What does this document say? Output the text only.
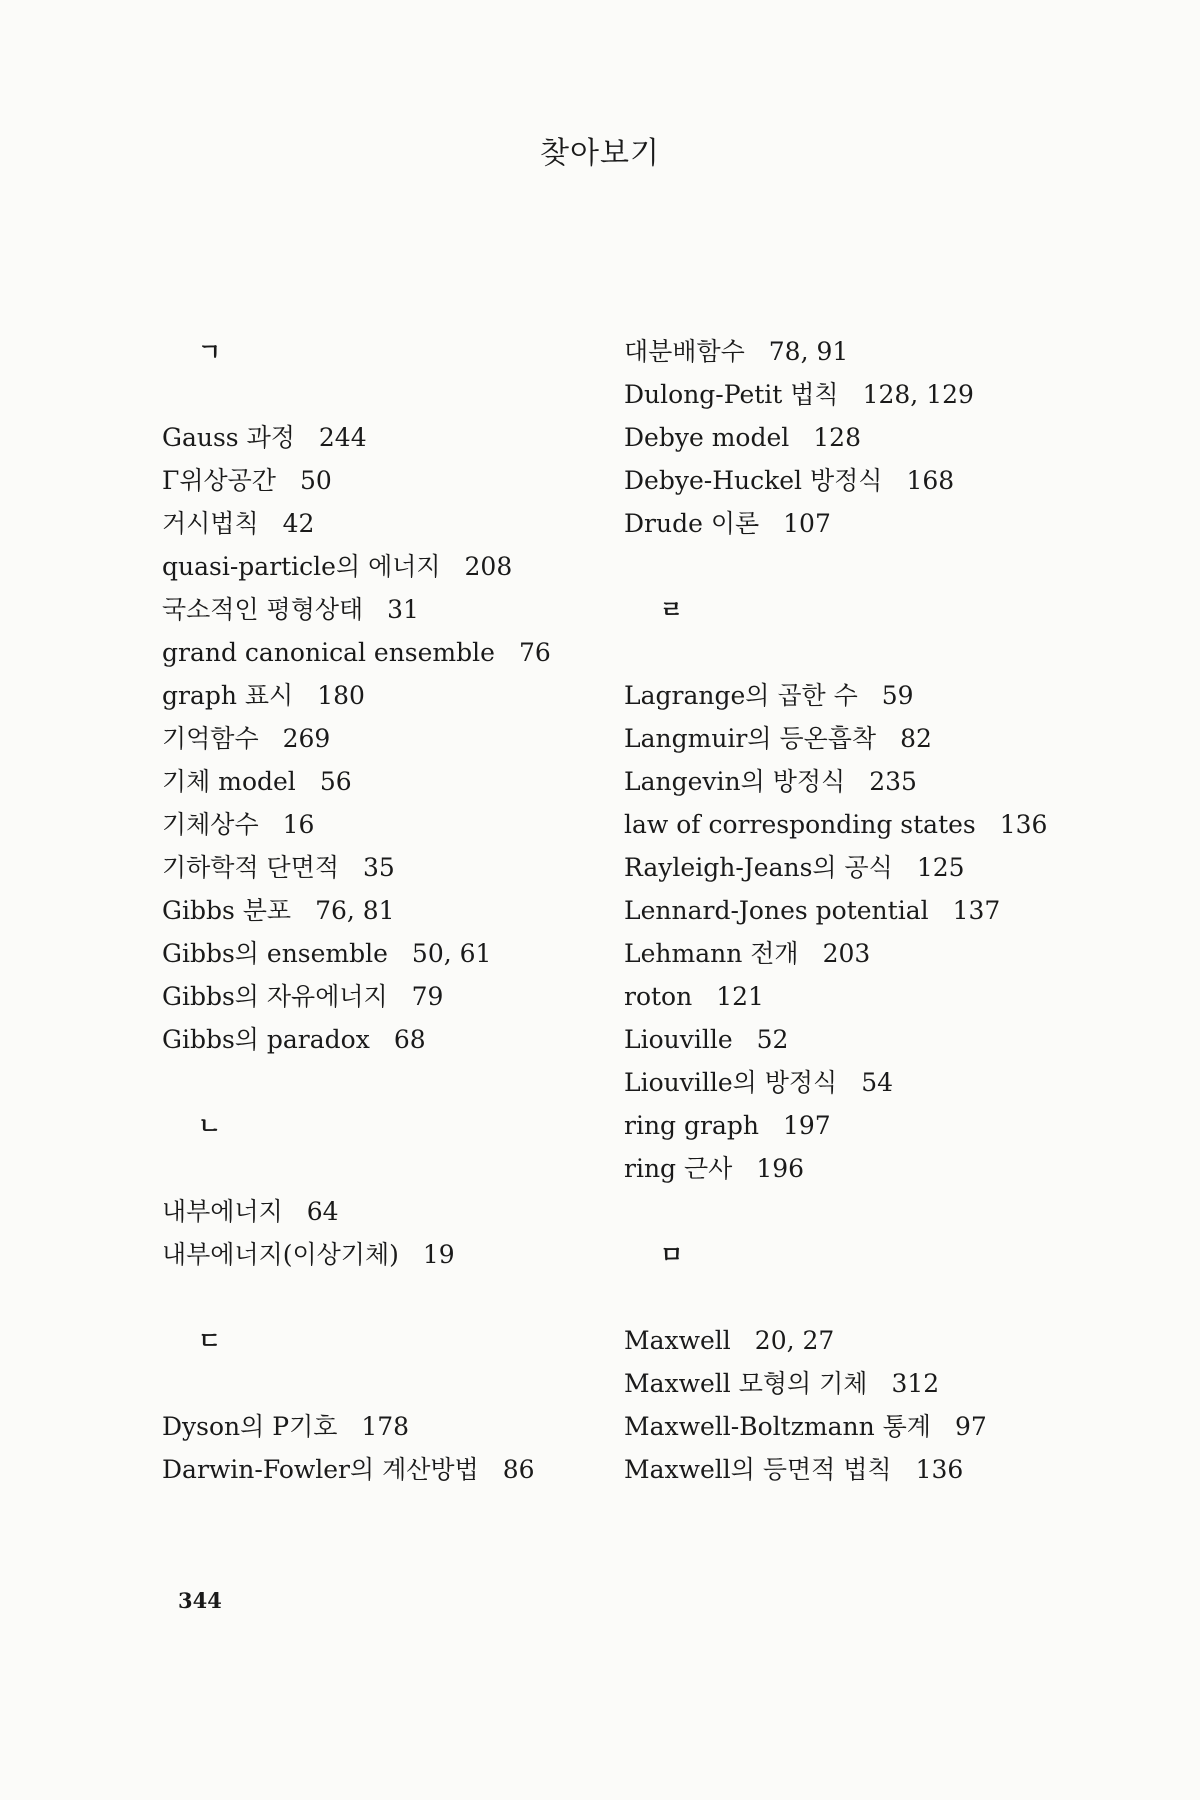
찾아보기
ㄱ
Gauss 과정 244
Γ위상공간 50
거시법칙 42
quasi-particle의 에너지 208
국소적인 평형상태 31
grand canonical ensemble 76
graph 표시 180
기억함수 269
기체 model 56
기체상수 16
기하학적 단면적 35
Gibbs 분포 76, 81
Gibbs의 ensemble 50, 61
Gibbs의 자유에너지 79
Gibbs의 paradox 68
ㄴ
내부에너지 64
내부에너지(이상기체) 19
ㄷ
Dyson의 P기호 178
Darwin-Fowler의 계산방법 86
대분배함수 78, 91
Dulong-Petit 법칙 128, 129
Debye model 128
Debye-Huckel 방정식 168
Drude 이론 107
ㄹ
Lagrange의 곱한 수 59
Langmuir의 등온흡착 82
Langevin의 방정식 235
law of corresponding states 136
Rayleigh-Jeans의 공식 125
Lennard-Jones potential 137
Lehmann 전개 203
roton 121
Liouville 52
Liouville의 방정식 54
ring graph 197
ring 근사 196
ㅁ
Maxwell 20, 27
Maxwell 모형의 기체 312
Maxwell-Boltzmann 통계 97
Maxwell의 등면적 법칙 136
344
